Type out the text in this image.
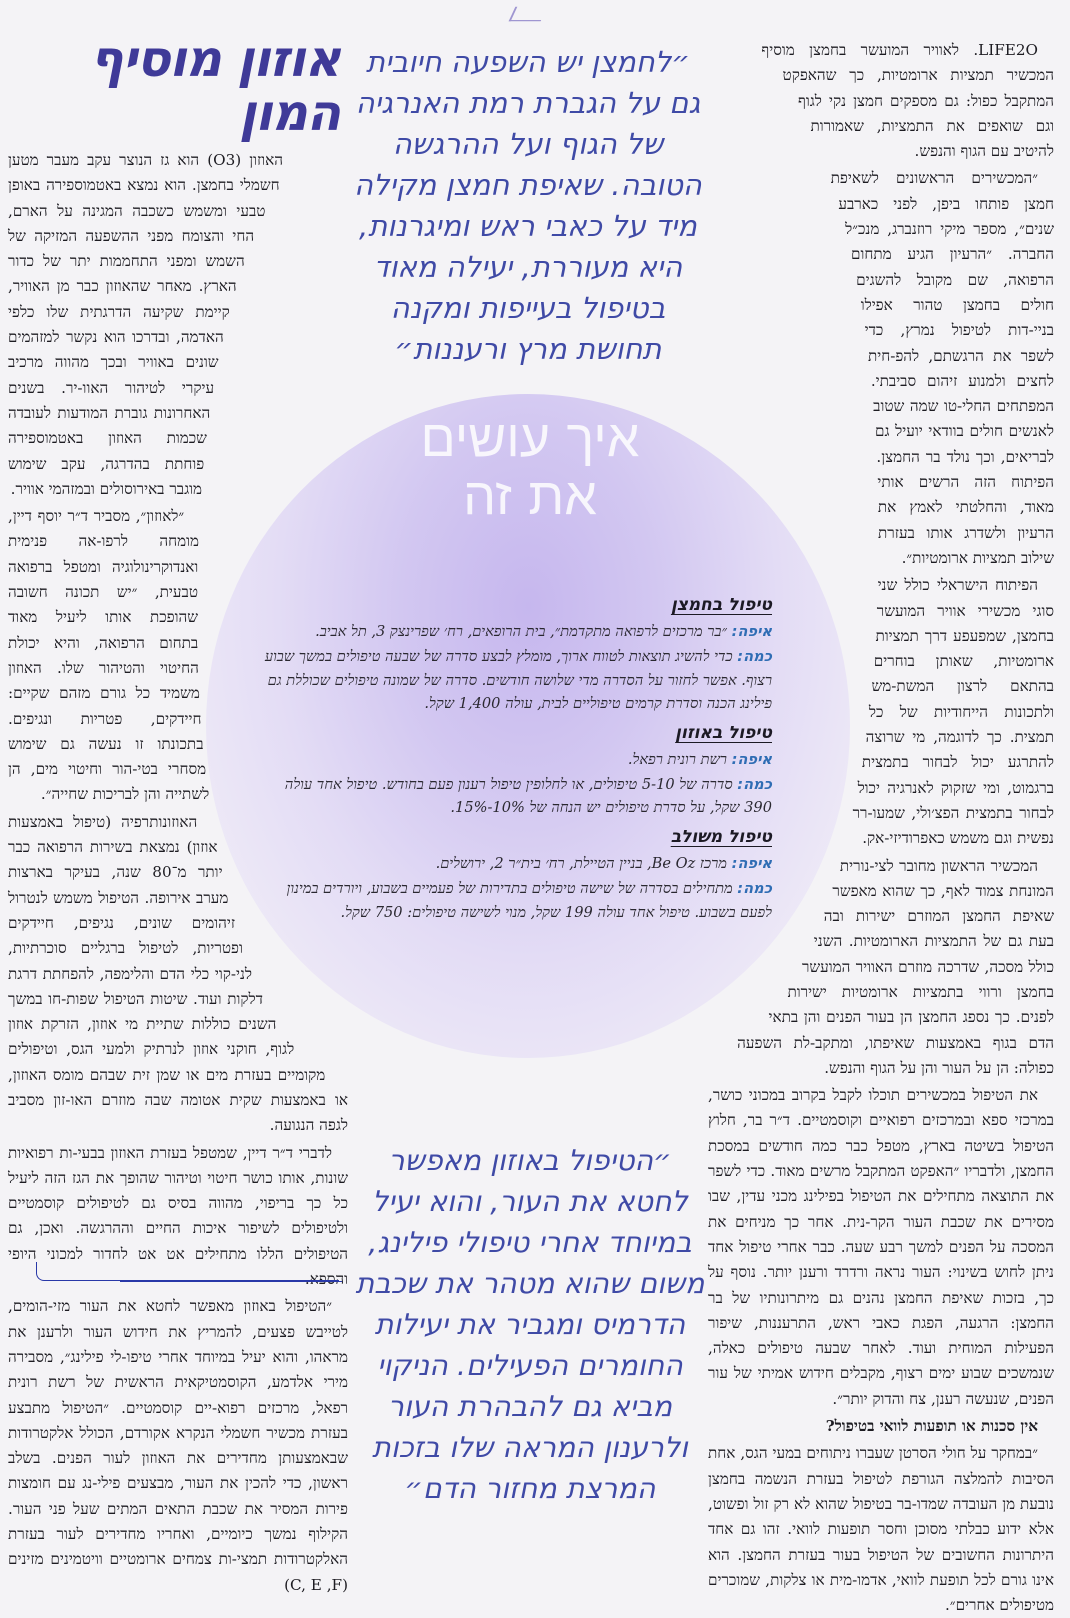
אוזון מוסיף המון

״לחמצן יש השפעה חיובית גם על הגברת רמת האנרגיה של הגוף ועל ההרגשה הטובה. שאיפת חמצן מקילה מיד על כאבי ראש ומיגרנות, היא מעוררת, יעילה מאוד בטיפול בעייפות ומקנה תחושת מרץ ורעננות״

LIFE2O. לאוויר המועשר בחמצן מוסיף המכשיר תמציות ארומטיות, כך שהאפקט המתקבל כפול: גם מספקים חמצן נקי לגוף וגם שואפים את התמציות, שאמורות להיטיב עם הגוף והנפש.

״המכשירים הראשונים לשאיפת חמצן פותחו ביפן, לפני כארבע שנים״, מספר מיקי רוזנברג, מנכ״ל החברה. ״הרעיון הגיע מתחום הרפואה, שם מקובל להשגים חולים בחמצן טהור אפילו בניי-דות לטיפול נמרץ, כדי לשפר את הרגשתם, להפ-חית לחצים ולמנוע זיהום סביבתי. המפתחים החלי-טו שמה שטוב לאנשים חולים בוודאי יועיל גם לבריאים, וכך נולד בר החמצן. הפיתוח הזה הרשים אותי מאוד, והחלטתי לאמץ את הרעיון ולשדרג אותו בעזרת שילוב תמציות ארומטיות״.

הפיתוח הישראלי כולל שני סוגי מכשירי אוויר המועשר בחמצן, שמפעפע דרך תמציות ארומטיות, שאותן בוחרים בהתאם לרצון המשת-מש ולתכונות הייחודיות של כל תמצית. כך לדוגמה, מי שרוצה להתרגע יכול לבחור בתמצית ברגמוט, ומי שזקוק לאנרגיה יכול לבחור בתמצית הפצ׳ולי, שמעו-רר נפשית וגם משמש כאפרודיזי-אק.

המכשיר הראשון מחובר לצי-נורית המונחת צמוד לאף, כך שהוא מאפשר שאיפת החמצן המוזרם ישירות ובה בעת גם של התמציות הארומטיות. השני כולל מסכה, שדרכה מוזרם האוויר המועשר בחמצן ורווי בתמציות ארומטיות ישירות לפנים. כך נספג החמצן הן בעור הפנים והן בתאי הדם בגוף באמצעות שאיפתו, ומתקב-לת השפעה כפולה: הן על העור והן על הגוף והנפש.

את הטיפול במכשירים תוכלו לקבל בקרוב במכוני כושר, במרכזי ספא ובמרכזים רפואיים וקוסמטיים. ד״ר בר, חלוץ הטיפול בשיטה בארץ, מטפל כבר כמה חודשים במסכת החמצן, ולדבריו ״האפקט המתקבל מרשים מאוד. כדי לשפר את התוצאה מתחילים את הטיפול בפילינג מכני עדין, שבו מסירים את שכבת העור הקר-נית. אחר כך מניחים את המסכה על הפנים למשך רבע שעה. כבר אחרי טיפול אחד ניתן לחוש בשינוי: העור נראה ורדרד ורענן יותר. נוסף על כך, בזכות שאיפת החמצן נהנים גם מיתרונותיו של בר החמצן: הרגעה, הפגת כאבי ראש, התרעננות, שיפור הפעילות המוחית ועוד. לאחר שבעה טיפולים כאלה, שנמשכים שבוע ימים רצוף, מקבלים חידוש אמיתי של עור הפנים, שנעשה רענן, צח והדוק יותר״.

אין סכנות או תופעות לוואי בטיפול?

״במחקר על חולי הסרטן שעברו ניתוחים במעי הגס, אחת הסיבות להמלצה הגורפת לטיפול בעזרת הנשמה בחמצן נובעת מן העובדה שמדו-בר בטיפול שהוא לא רק זול ופשוט, אלא ידוע כבלתי מסוכן וחסר תופעות לוואי. זהו גם אחד היתרונות החשובים של הטיפול בעור בעזרת החמצן. הוא אינו גורם לכל תופעת לוואי, אדמו-מית או צלקות, שמוכרים מטיפולים אחרים״.

האוזון (O3) הוא גז הנוצר עקב מעבר מטען חשמלי בחמצן. הוא נמצא באטמוספירה באופן טבעי ומשמש כשכבה המגינה על הארם, החי והצומח מפני ההשפעה המזיקה של השמש ומפני התחממות יתר של כדור הארץ. מאחר שהאוזון כבר מן האוויר, קיימת שקיעה הדרגתית שלו כלפי האדמה, ובדרכו הוא נקשר למזהמים שונים באוויר ובכך מהווה מרכיב עיקרי לטיהור האוו-יר. בשנים האחרונות גוברת המודעות לעובדה שכמות האוזון באטמוספירה פוחתת בהדרגה, עקב שימוש מוגבר באירוסולים ובמזהמי אוויר.

״לאוזון״, מסביר ד״ר יוסף דיין, מומחה לרפו-אה פנימית ואנדוקרינולוגיה ומטפל ברפואה טבעית, ״יש תכונה חשובה שהופכת אותו ליעיל מאוד בתחום הרפואה, והיא יכולת החיטוי והטיהור שלו. האוזון משמיד כל גורם מזהם שקיים: חיידקים, פטריות ונגיפים. בתכונתו זו נעשה גם שימוש מסחרי בטי-הור וחיטוי מים, הן לשתייה והן לבריכות שחייה״.

האוזונותרפיה (טיפול באמצעות אוזון) נמצאת בשירות הרפואה כבר יותר מ־80 שנה, בעיקר בארצות מערב אירופה. הטיפול משמש לנטרול זיהומים שונים, נגיפים, חיידקים ופטריות, לטיפול ברגליים סוכרתיות, לני-קוי כלי הדם והלימפה, להפחתת דרגת דלקות ועוד. שיטות הטיפול שפות-חו במשך השנים כוללות שתיית מי אוזון, הזרקת אוזון לגוף, חוקני אוזון לנרתיק ולמעי הגס, וטיפולים מקומיים בעזרת מים או שמן זית שבהם מומס האוזון, או באמצעות שקית אטומה שבה מוזרם האו-זון מסביב לגפה הנגועה.

לדברי ד״ר דיין, שמטפל בעזרת האוזון בבעי-ות רפואיות שונות, אותו כושר חיטוי וטיהור שהופך את הגז הזה ליעיל כל כך בריפוי, מהווה בסיס גם לטיפולים קוסמטיים ולטיפולים לשיפור איכות החיים וההרגשה. ואכן, גם הטיפולים הללו מתחילים אט אט לחדור למכוני היופי והספא.

״הטיפול באוזון מאפשר לחטא את העור מזי-הומים, לטייבש פצעים, להמריץ את חידוש העור ולרענן את מראהו, והוא יעיל במיוחד אחרי טיפו-לי פילינג״, מסבירה מירי אלדמע, הקוסמטיקאית הראשית של רשת רונית רפאל, מרכזים רפוא-יים קוסמטיים. ״הטיפול מתבצע בעזרת מכשיר חשמלי הנקרא אקורדם, הכולל אלקטרודות שבאמצעותן מחדירים את האוזון לעור הפנים. בשלב ראשון, כדי להכין את העור, מבצעים פילי-נג עם חומצות פירות המסיר את שכבת התאים המתים שעל פני העור. הקילוף נמשך כיומיים, ואחריו מחדירים לעור בעזרת האלקטרודות תמצי-ות צמחים ארומטיים וויטמינים מזינים (C, E ,F)

איך עושים את זה
טיפול בחמצן
איפה: ״בר מרכזים לרפואה מתקדמת״, בית הרופאים, רח׳ שפרינצק 3, תל אביב.
כמה: כדי להשיג תוצאות לטווח ארוך, מומלץ לבצע סדרה של שבעה טיפולים במשך שבוע רצוף. אפשר לחזור על הסדרה מדי שלושה חודשים. סדרה של שמונה טיפולים שכוללת גם פילינג הכנה וסדרת קרמים טיפוליים לבית, עולה 1,400 שקל.
טיפול באוזון
איפה: רשת רונית רפאל.
כמה: סדרה של 5-10 טיפולים, או לחלופין טיפול רענון פעם בחודש. טיפול אחד עולה 390 שקל, על סדרת טיפולים יש הנחה של 10%-15%.
טיפול משולב
איפה: מרכז Be Oz, בניין הטיילת, רח׳ בית״ר 2, ירושלים.
כמה: מתחילים בסדרה של שישה טיפולים בתדירות של פעמיים בשבוע, ויורדים במינון לפעם בשבוע. טיפול אחד עולה 199 שקל, מנוי לשישה טיפולים: 750 שקל.

״הטיפול באוזון מאפשר לחטא את העור, והוא יעיל במיוחד אחרי טיפולי פילינג, משום שהוא מטהר את שכבת הדרמיס ומגביר את יעילות החומרים הפעילים. הניקוי מביא גם להבהרת העור ולרענון המראה שלו בזכות המרצת מחזור הדם״
